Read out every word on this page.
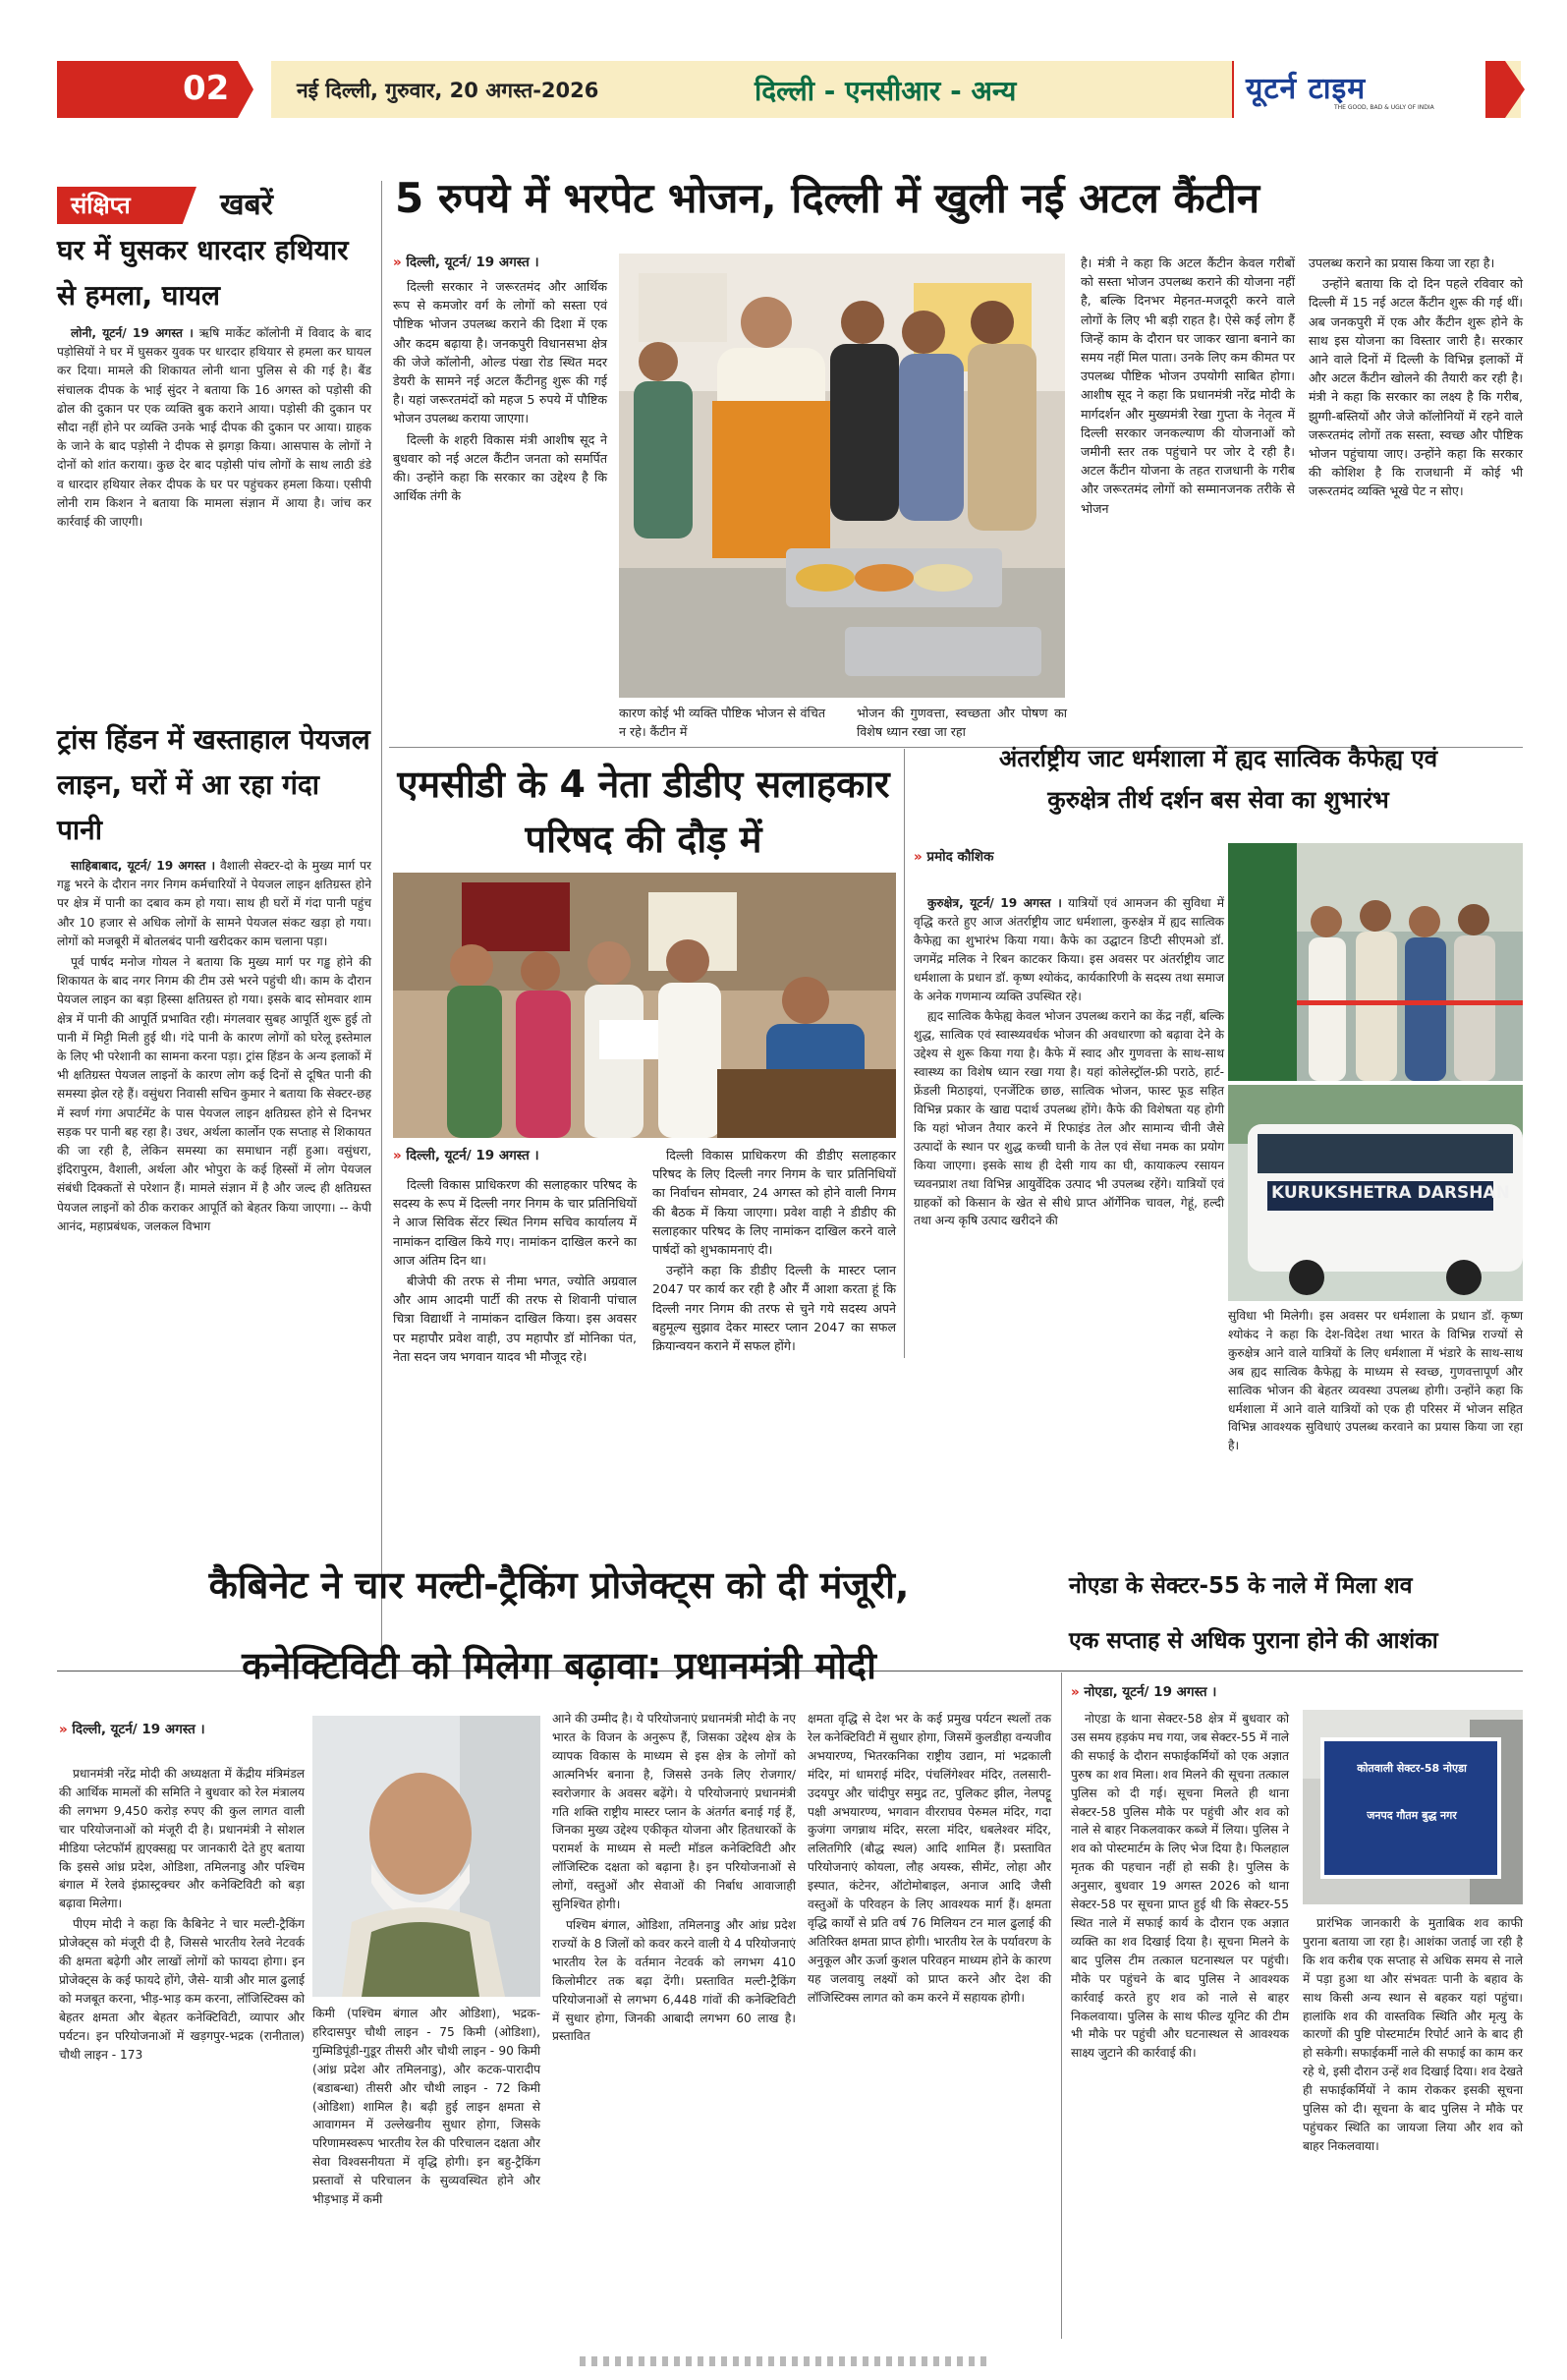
02	नई दिल्ली, गुरुवार, 20 अगस्त-2026	दिल्ली - एनसीआर - अन्य	यूटर्न टाइम
THE GOOD, BAD & UGLY OF INDIA
संक्षिप्त	खबरें
घर में घुसकर धारदार हथियार से हमला, घायल

लोनी, यूटर्न/ 19 अगस्त । ऋषि मार्केट कॉलोनी में विवाद के बाद पड़ोसियों ने घर में घुसकर युवक पर धारदार हथियार से हमला कर घायल कर दिया। मामले की शिकायत लोनी थाना पुलिस से की गई है। बैंड संचालक दीपक के भाई सुंदर ने बताया कि 16 अगस्त को पड़ोसी की ढोल की दुकान पर एक व्यक्ति बुक कराने आया। पड़ोसी की दुकान पर सौदा नहीं होने पर व्यक्ति उनके भाई दीपक की दुकान पर आया। ग्राहक के जाने के बाद पड़ोसी ने दीपक से झगड़ा किया। आसपास के लोगों ने दोनों को शांत कराया। कुछ देर बाद पड़ोसी पांच लोगों के साथ लाठी डंडे व धारदार हथियार लेकर दीपक के घर पर पहुंचकर हमला किया। एसीपी लोनी राम किशन ने बताया कि मामला संज्ञान में आया है। जांच कर कार्रवाई की जाएगी।

ट्रांस हिंडन में खस्ताहाल पेयजल लाइन, घरों में आ रहा गंदा पानी

साहिबाबाद, यूटर्न/ 19 अगस्त । वैशाली सेक्टर-दो के मुख्य मार्ग पर गड्ढ भरने के दौरान नगर निगम कर्मचारियों ने पेयजल लाइन क्षतिग्रस्त होने पर क्षेत्र में पानी का दबाव कम हो गया। साथ ही घरों में गंदा पानी पहुंच और 10 हजार से अधिक लोगों के सामने पेयजल संकट खड़ा हो गया। लोगों को मजबूरी में बोतलबंद पानी खरीदकर काम चलाना पड़ा।

पूर्व पार्षद मनोज गोयल ने बताया कि मुख्य मार्ग पर गड्ढ होने की शिकायत के बाद नगर निगम की टीम उसे भरने पहुंची थी। काम के दौरान पेयजल लाइन का बड़ा हिस्सा क्षतिग्रस्त हो गया। इसके बाद सोमवार शाम क्षेत्र में पानी की आपूर्ति प्रभावित रही। मंगलवार सुबह आपूर्ति शुरू हुई तो पानी में मिट्टी मिली हुई थी। गंदे पानी के कारण लोगों को घरेलू इस्तेमाल के लिए भी परेशानी का सामना करना पड़ा। ट्रांस हिंडन के अन्य इलाकों में भी क्षतिग्रस्त पेयजल लाइनों के कारण लोग कई दिनों से दूषित पानी की समस्या झेल रहे हैं। वसुंधरा निवासी सचिन कुमार ने बताया कि सेक्टर-छह में स्वर्ण गंगा अपार्टमेंट के पास पेयजल लाइन क्षतिग्रस्त होने से दिनभर सड़क पर पानी बह रहा है। उधर, अर्थला कार्लोन एक सप्ताह से शिकायत की जा रही है, लेकिन समस्या का समाधान नहीं हुआ। वसुंधरा, इंदिरापुरम, वैशाली, अर्थला और भोपुरा के कई हिस्सों में लोग पेयजल संबंधी दिक्कतों से परेशान हैं। मामले संज्ञान में है और जल्द ही क्षतिग्रस्त पेयजल लाइनों को ठीक कराकर आपूर्ति को बेहतर किया जाएगा। -- केपी आनंद, महाप्रबंधक, जलकल विभाग

5 रुपये में भरपेट भोजन, दिल्ली में खुली नई अटल कैंटीन
» दिल्ली, यूटर्न/ 19 अगस्त ।

दिल्ली सरकार ने जरूरतमंद और आर्थिक रूप से कमजोर वर्ग के लोगों को सस्ता एवं पौष्टिक भोजन उपलब्ध कराने की दिशा में एक और कदम बढ़ाया है। जनकपुरी विधानसभा क्षेत्र की जेजे कॉलोनी, ओल्ड पंखा रोड स्थित मदर डेयरी के सामने नई अटल कैंटीनहु शुरू की गई है। यहां जरूरतमंदों को महज 5 रुपये में पौष्टिक भोजन उपलब्ध कराया जाएगा।

दिल्ली के शहरी विकास मंत्री आशीष सूद ने बुधवार को नई अटल कैंटीन जनता को समर्पित की। उन्होंने कहा कि सरकार का उद्देश्य है कि आर्थिक तंगी के

कारण कोई भी व्यक्ति पौष्टिक भोजन से वंचित न रहे। कैंटीन में

भोजन की गुणवत्ता, स्वच्छता और पोषण का विशेष ध्यान रखा जा रहा

है। मंत्री ने कहा कि अटल कैंटीन केवल गरीबों को सस्ता भोजन उपलब्ध कराने की योजना नहीं है, बल्कि दिनभर मेहनत-मजदूरी करने वाले लोगों के लिए भी बड़ी राहत है। ऐसे कई लोग हैं जिन्हें काम के दौरान घर जाकर खाना बनाने का समय नहीं मिल पाता। उनके लिए कम कीमत पर उपलब्ध पौष्टिक भोजन उपयोगी साबित होगा। आशीष सूद ने कहा कि प्रधानमंत्री नरेंद्र मोदी के मार्गदर्शन और मुख्यमंत्री रेखा गुप्ता के नेतृत्व में दिल्ली सरकार जनकल्याण की योजनाओं को जमीनी स्तर तक पहुंचाने पर जोर दे रही है। अटल कैंटीन योजना के तहत राजधानी के गरीब और जरूरतमंद लोगों को सम्मानजनक तरीके से भोजन

उपलब्ध कराने का प्रयास किया जा रहा है।

उन्होंने बताया कि दो दिन पहले रविवार को दिल्ली में 15 नई अटल कैंटीन शुरू की गई थीं। अब जनकपुरी में एक और कैंटीन शुरू होने के साथ इस योजना का विस्तार जारी है। सरकार आने वाले दिनों में दिल्ली के विभिन्न इलाकों में और अटल कैंटीन खोलने की तैयारी कर रही है। मंत्री ने कहा कि सरकार का लक्ष्य है कि गरीब, झुग्गी-बस्तियों और जेजे कॉलोनियों में रहने वाले जरूरतमंद लोगों तक सस्ता, स्वच्छ और पौष्टिक भोजन पहुंचाया जाए। उन्होंने कहा कि सरकार की कोशिश है कि राजधानी में कोई भी जरूरतमंद व्यक्ति भूखे पेट न सोए।

एमसीडी के 4 नेता डीडीए सलाहकार परिषद की दौड़ में
» दिल्ली, यूटर्न/ 19 अगस्त ।

दिल्ली विकास प्राधिकरण की सलाहकार परिषद के सदस्य के रूप में दिल्ली नगर निगम के चार प्रतिनिधियों ने आज सिविक सेंटर स्थित निगम सचिव कार्यालय में नामांकन दाखिल किये गए। नामांकन दाखिल करने का आज अंतिम दिन था।

बीजेपी की तरफ से नीमा भगत, ज्योति अग्रवाल और आम आदमी पार्टी की तरफ से शिवानी पांचाल चित्रा विद्यार्थी ने नामांकन दाखिल किया। इस अवसर पर महापौर प्रवेश वाही, उप महापौर डॉ मोनिका पंत, नेता सदन जय भगवान यादव भी मौजूद रहे।

दिल्ली विकास प्राधिकरण की डीडीए सलाहकार परिषद के लिए दिल्ली नगर निगम के चार प्रतिनिधियों का निर्वाचन सोमवार, 24 अगस्त को होने वाली निगम की बैठक में किया जाएगा। प्रवेश वाही ने डीडीए की सलाहकार परिषद के लिए नामांकन दाखिल करने वाले पार्षदों को शुभकामनाएं दी।

उन्होंने कहा कि डीडीए दिल्ली के मास्टर प्लान 2047 पर कार्य कर रही है और मैं आशा करता हूं कि दिल्ली नगर निगम की तरफ से चुने गये सदस्य अपने बहुमूल्य सुझाव देकर मास्टर प्लान 2047 का सफल क्रियान्वयन कराने में सफल होंगे।

अंतर्राष्ट्रीय जाट धर्मशाला में ह्यद सात्विक कैफेह्य एवं
कुरुक्षेत्र तीर्थ दर्शन बस सेवा का शुभारंभ
» प्रमोद कौशिक

कुरुक्षेत्र, यूटर्न/ 19 अगस्त । यात्रियों एवं आमजन की सुविधा में वृद्धि करते हुए आज अंतर्राष्ट्रीय जाट धर्मशाला, कुरुक्षेत्र में ह्यद सात्विक कैफेह्य का शुभारंभ किया गया। कैफे का उद्घाटन डिप्टी सीएमओ डॉ. जगमेंद्र मलिक ने रिबन काटकर किया। इस अवसर पर अंतर्राष्ट्रीय जाट धर्मशाला के प्रधान डॉ. कृष्ण श्योकंद, कार्यकारिणी के सदस्य तथा समाज के अनेक गणमान्य व्यक्ति उपस्थित रहे।

ह्यद सात्विक कैफेह्य केवल भोजन उपलब्ध कराने का केंद्र नहीं, बल्कि शुद्ध, सात्विक एवं स्वास्थ्यवर्धक भोजन की अवधारणा को बढ़ावा देने के उद्देश्य से शुरू किया गया है। कैफे में स्वाद और गुणवत्ता के साथ-साथ स्वास्थ्य का विशेष ध्यान रखा गया है। यहां कोलेस्ट्रॉल-फ्री पराठे, हार्ट-फ्रेंडली मिठाइयां, एनर्जेटिक छाछ, सात्विक भोजन, फास्ट फूड सहित विभिन्न प्रकार के खाद्य पदार्थ उपलब्ध होंगे। कैफे की विशेषता यह होगी कि यहां भोजन तैयार करने में रिफाइंड तेल और सामान्य चीनी जैसे उत्पादों के स्थान पर शुद्ध कच्ची घानी के तेल एवं सेंधा नमक का प्रयोग किया जाएगा। इसके साथ ही देसी गाय का घी, कायाकल्प रसायन च्यवनप्राश तथा विभिन्न आयुर्वेदिक उत्पाद भी उपलब्ध रहेंगे। यात्रियों एवं ग्राहकों को किसान के खेत से सीधे प्राप्त ऑर्गेनिक चावल, गेहूं, हल्दी तथा अन्य कृषि उत्पाद खरीदने की

KURUKSHETRA DARSHAN

सुविधा भी मिलेगी। इस अवसर पर धर्मशाला के प्रधान डॉ. कृष्ण श्योकंद ने कहा कि देश-विदेश तथा भारत के विभिन्न राज्यों से कुरुक्षेत्र आने वाले यात्रियों के लिए धर्मशाला में भंडारे के साथ-साथ अब ह्यद सात्विक कैफेह्य के माध्यम से स्वच्छ, गुणवत्तापूर्ण और सात्विक भोजन की बेहतर व्यवस्था उपलब्ध होगी। उन्होंने कहा कि धर्मशाला में आने वाले यात्रियों को एक ही परिसर में भोजन सहित विभिन्न आवश्यक सुविधाएं उपलब्ध करवाने का प्रयास किया जा रहा है।

कैबिनेट ने चार मल्टी-ट्रैकिंग प्रोजेक्ट्स को दी मंजूरी,
कनेक्टिविटी को मिलेगा बढ़ावा: प्रधानमंत्री मोदी
» दिल्ली, यूटर्न/ 19 अगस्त ।

प्रधानमंत्री नरेंद्र मोदी की अध्यक्षता में केंद्रीय मंत्रिमंडल की आर्थिक मामलों की समिति ने बुधवार को रेल मंत्रालय की लगभग 9,450 करोड़ रुपए की कुल लागत वाली चार परियोजनाओं को मंजूरी दी है। प्रधानमंत्री ने सोशल मीडिया प्लेटफॉर्म ह्यएक्सह्य पर जानकारी देते हुए बताया कि इससे आंध्र प्रदेश, ओडिशा, तमिलनाडु और पश्चिम बंगाल में रेलवे इंफ्रास्ट्रक्चर और कनेक्टिविटी को बड़ा बढ़ावा मिलेगा।

पीएम मोदी ने कहा कि कैबिनेट ने चार मल्टी-ट्रैकिंग प्रोजेक्ट्स को मंजूरी दी है, जिससे भारतीय रेलवे नेटवर्क की क्षमता बढ़ेगी और लाखों लोगों को फायदा होगा। इन प्रोजेक्ट्स के कई फायदे होंगे, जैसे- यात्री और माल ढुलाई को मजबूत करना, भीड़-भाड़ कम करना, लॉजिस्टिक्स को बेहतर क्षमता और बेहतर कनेक्टिविटी, व्यापार और पर्यटन। इन परियोजनाओं में खड़गपुर-भद्रक (रानीताल) चौथी लाइन - 173

किमी (पश्चिम बंगाल और ओडिशा), भद्रक-हरिदासपुर चौथी लाइन - 75 किमी (ओडिशा), गुम्मिडिपूंडी-गुडूर तीसरी और चौथी लाइन - 90 किमी (आंध्र प्रदेश और तमिलनाडु), और कटक-पारादीप (बडाबन्धा) तीसरी और चौथी लाइन - 72 किमी (ओडिशा) शामिल है। बढ़ी हुई लाइन क्षमता से आवागमन में उल्लेखनीय सुधार होगा, जिसके परिणामस्वरूप भारतीय रेल की परिचालन दक्षता और सेवा विश्वसनीयता में वृद्धि होगी। इन बहु-ट्रैकिंग प्रस्तावों से परिचालन के सुव्यवस्थित होने और भीड़भाड़ में कमी

आने की उम्मीद है। ये परियोजनाएं प्रधानमंत्री मोदी के नए भारत के विजन के अनुरूप हैं, जिसका उद्देश्य क्षेत्र के व्यापक विकास के माध्यम से इस क्षेत्र के लोगों को आत्मनिर्भर बनाना है, जिससे उनके लिए रोजगार/स्वरोजगार के अवसर बढ़ेंगे। ये परियोजनाएं प्रधानमंत्री गति शक्ति राष्ट्रीय मास्टर प्लान के अंतर्गत बनाई गई हैं, जिनका मुख्य उद्देश्य एकीकृत योजना और हितधारकों के परामर्श के माध्यम से मल्टी मॉडल कनेक्टिविटी और लॉजिस्टिक दक्षता को बढ़ाना है। इन परियोजनाओं से लोगों, वस्तुओं और सेवाओं की निर्बाध आवाजाही सुनिश्चित होगी।

पश्चिम बंगाल, ओडिशा, तमिलनाडु और आंध्र प्रदेश राज्यों के 8 जिलों को कवर करने वाली ये 4 परियोजनाएं भारतीय रेल के वर्तमान नेटवर्क को लगभग 410 किलोमीटर तक बढ़ा देंगी। प्रस्तावित मल्टी-ट्रैकिंग परियोजनाओं से लगभग 6,448 गांवों की कनेक्टिविटी में सुधार होगा, जिनकी आबादी लगभग 60 लाख है। प्रस्तावित

क्षमता वृद्धि से देश भर के कई प्रमुख पर्यटन स्थलों तक रेल कनेक्टिविटी में सुधार होगा, जिसमें कुलडीहा वन्यजीव अभयारण्य, भितरकनिका राष्ट्रीय उद्यान, मां भद्रकाली मंदिर, मां धामराई मंदिर, पंचलिंगेश्वर मंदिर, तलसारी-उदयपुर और चांदीपुर समुद्र तट, पुलिकट झील, नेलपट्टू पक्षी अभयारण्य, भगवान वीरराघव पेरुमल मंदिर, गदा कुजंगा जगन्नाथ मंदिर, सरला मंदिर, धबलेश्वर मंदिर, ललितगिरि (बौद्ध स्थल) आदि शामिल हैं। प्रस्तावित परियोजनाएं कोयला, लौह अयस्क, सीमेंट, लोहा और इस्पात, कंटेनर, ऑटोमोबाइल, अनाज आदि जैसी वस्तुओं के परिवहन के लिए आवश्यक मार्ग हैं। क्षमता वृद्धि कार्यों से प्रति वर्ष 76 मिलियन टन माल ढुलाई की अतिरिक्त क्षमता प्राप्त होगी। भारतीय रेल के पर्यावरण के अनुकूल और ऊर्जा कुशल परिवहन माध्यम होने के कारण यह जलवायु लक्ष्यों को प्राप्त करने और देश की लॉजिस्टिक्स लागत को कम करने में सहायक होगी।

नोएडा के सेक्टर-55 के नाले में मिला शव
एक सप्ताह से अधिक पुराना होने की आशंका
» नोएडा, यूटर्न/ 19 अगस्त ।

नोएडा के थाना सेक्टर-58 क्षेत्र में बुधवार को उस समय हड़कंप मच गया, जब सेक्टर-55 में नाले की सफाई के दौरान सफाईकर्मियों को एक अज्ञात पुरुष का शव मिला। शव मिलने की सूचना तत्काल पुलिस को दी गई। सूचना मिलते ही थाना सेक्टर-58 पुलिस मौके पर पहुंची और शव को नाले से बाहर निकलवाकर कब्जे में लिया। पुलिस ने शव को पोस्टमार्टम के लिए भेज दिया है। फिलहाल मृतक की पहचान नहीं हो सकी है। पुलिस के अनुसार, बुधवार 19 अगस्त 2026 को थाना सेक्टर-58 पर सूचना प्राप्त हुई थी कि सेक्टर-55 स्थित नाले में सफाई कार्य के दौरान एक अज्ञात व्यक्ति का शव दिखाई दिया है। सूचना मिलने के बाद पुलिस टीम तत्काल घटनास्थल पर पहुंची। मौके पर पहुंचने के बाद पुलिस ने आवश्यक कार्रवाई करते हुए शव को नाले से बाहर निकलवाया। पुलिस के साथ फील्ड यूनिट की टीम भी मौके पर पहुंची और घटनास्थल से आवश्यक साक्ष्य जुटाने की कार्रवाई की।

कोतवाली सेक्टर-58 नोएडा
जनपद गौतम बुद्ध नगर

प्रारंभिक जानकारी के मुताबिक शव काफी पुराना बताया जा रहा है। आशंका जताई जा रही है कि शव करीब एक सप्ताह से अधिक समय से नाले में पड़ा हुआ था और संभवतः पानी के बहाव के साथ किसी अन्य स्थान से बहकर यहां पहुंचा। हालांकि शव की वास्तविक स्थिति और मृत्यु के कारणों की पुष्टि पोस्टमार्टम रिपोर्ट आने के बाद ही हो सकेगी। सफाईकर्मी नाले की सफाई का काम कर रहे थे, इसी दौरान उन्हें शव दिखाई दिया। शव देखते ही सफाईकर्मियों ने काम रोककर इसकी सूचना पुलिस को दी। सूचना के बाद पुलिस ने मौके पर पहुंचकर स्थिति का जायजा लिया और शव को बाहर निकलवाया।
